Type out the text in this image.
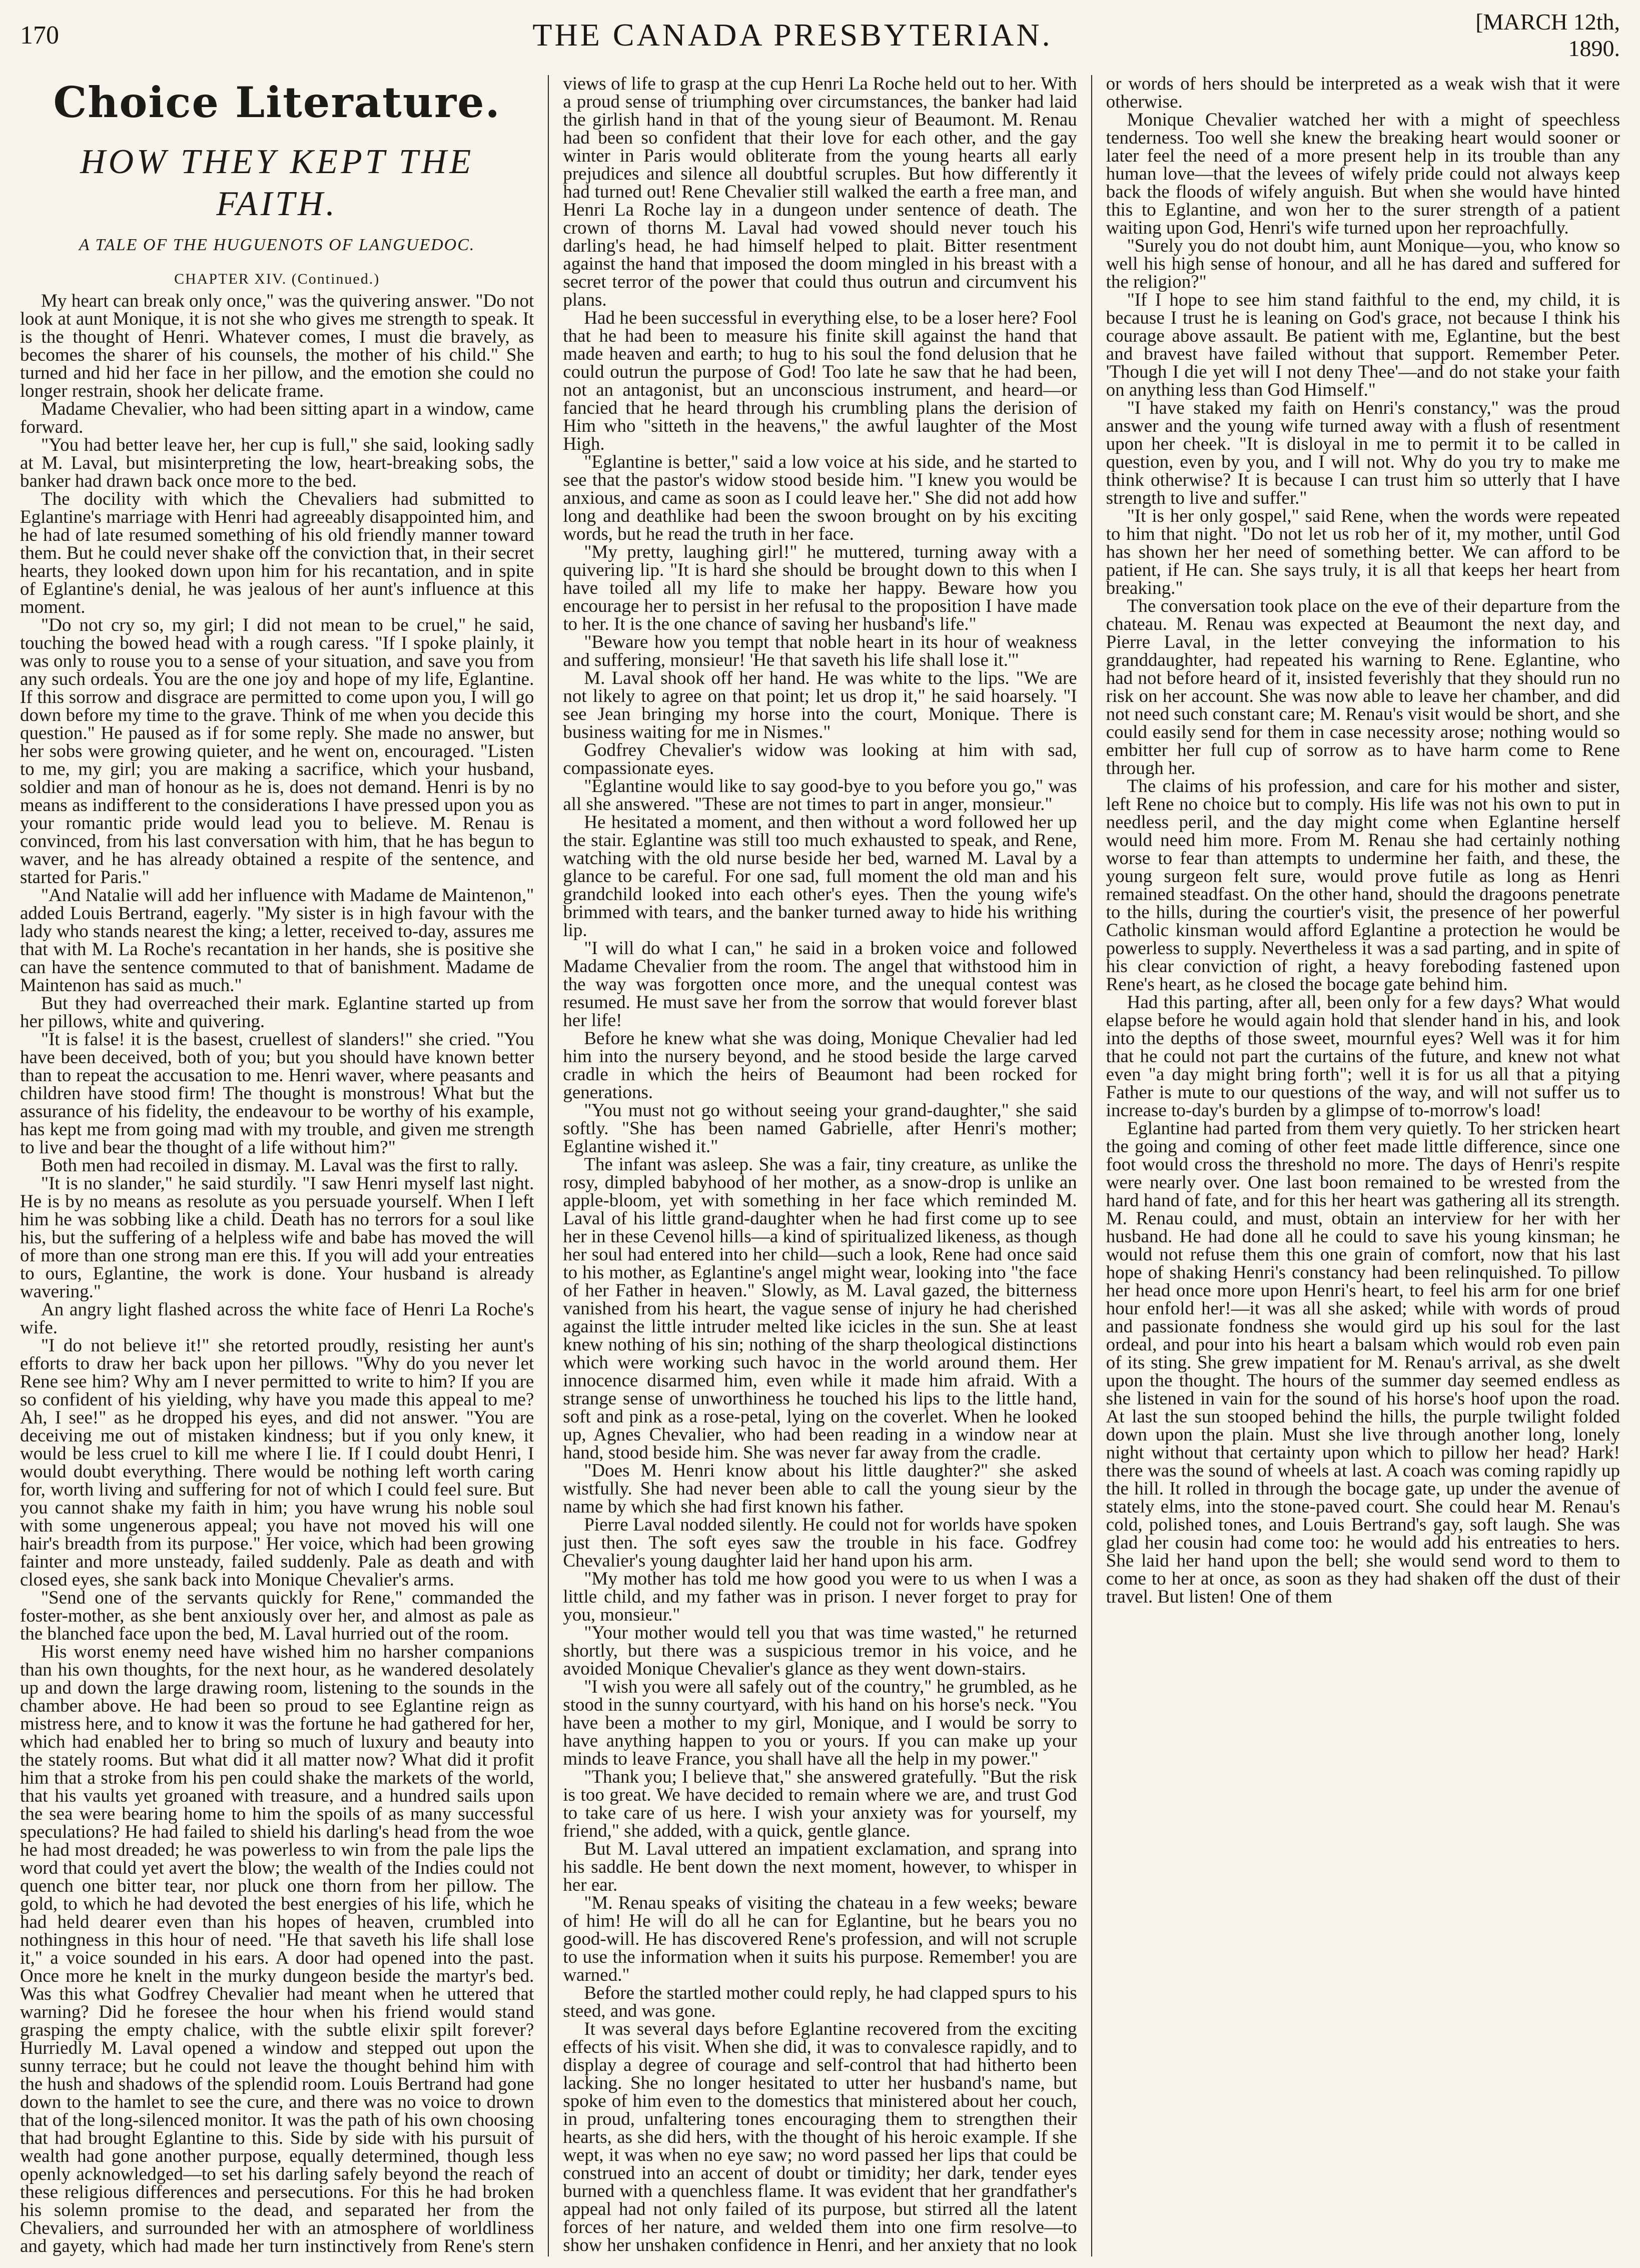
170	THE CANADA PRESBYTERIAN.	[MARCH 12th, 1890.
Choice Literature.
HOW THEY KEPT THE FAITH.
A TALE OF THE HUGUENOTS OF LANGUEDOC.
CHAPTER XIV. (Continued.)

My heart can break only once," was the quivering answer. "Do not look at aunt Monique, it is not she who gives me strength to speak. It is the thought of Henri. Whatever comes, I must die bravely, as becomes the sharer of his counsels, the mother of his child." She turned and hid her face in her pillow, and the emotion she could no longer restrain, shook her delicate frame.

Madame Chevalier, who had been sitting apart in a window, came forward.

"You had better leave her, her cup is full," she said, looking sadly at M. Laval, but misinterpreting the low, heart-breaking sobs, the banker had drawn back once more to the bed.

The docility with which the Chevaliers had submitted to Eglantine's marriage with Henri had agreeably disappointed him, and he had of late resumed something of his old friendly manner toward them. But he could never shake off the conviction that, in their secret hearts, they looked down upon him for his recantation, and in spite of Eglantine's denial, he was jealous of her aunt's influence at this moment.

"Do not cry so, my girl; I did not mean to be cruel," he said, touching the bowed head with a rough caress. "If I spoke plainly, it was only to rouse you to a sense of your situation, and save you from any such ordeals. You are the one joy and hope of my life, Eglantine. If this sorrow and disgrace are permitted to come upon you, I will go down before my time to the grave. Think of me when you decide this question." He paused as if for some reply. She made no answer, but her sobs were growing quieter, and he went on, encouraged. "Listen to me, my girl; you are making a sacrifice, which your husband, soldier and man of honour as he is, does not demand. Henri is by no means as indifferent to the considerations I have pressed upon you as your romantic pride would lead you to believe. M. Renau is convinced, from his last conversation with him, that he has begun to waver, and he has already obtained a respite of the sentence, and started for Paris."

"And Natalie will add her influence with Madame de Maintenon," added Louis Bertrand, eagerly. "My sister is in high favour with the lady who stands nearest the king; a letter, received to-day, assures me that with M. La Roche's recantation in her hands, she is positive she can have the sentence commuted to that of banishment. Madame de Maintenon has said as much."

But they had overreached their mark. Eglantine started up from her pillows, white and quivering.

"It is false! it is the basest, cruellest of slanders!" she cried. "You have been deceived, both of you; but you should have known better than to repeat the accusation to me. Henri waver, where peasants and children have stood firm! The thought is monstrous! What but the assurance of his fidelity, the endeavour to be worthy of his example, has kept me from going mad with my trouble, and given me strength to live and bear the thought of a life without him?"

Both men had recoiled in dismay. M. Laval was the first to rally.

"It is no slander," he said sturdily. "I saw Henri myself last night. He is by no means as resolute as you persuade yourself. When I left him he was sobbing like a child. Death has no terrors for a soul like his, but the suffering of a helpless wife and babe has moved the will of more than one strong man ere this. If you will add your entreaties to ours, Eglantine, the work is done. Your husband is already wavering."

An angry light flashed across the white face of Henri La Roche's wife.

"I do not believe it!" she retorted proudly, resisting her aunt's efforts to draw her back upon her pillows. "Why do you never let Rene see him? Why am I never permitted to write to him? If you are so confident of his yielding, why have you made this appeal to me? Ah, I see!" as he dropped his eyes, and did not answer. "You are deceiving me out of mistaken kindness; but if you only knew, it would be less cruel to kill me where I lie. If I could doubt Henri, I would doubt everything. There would be nothing left worth caring for, worth living and suffering for not of which I could feel sure. But you cannot shake my faith in him; you have wrung his noble soul with some ungenerous appeal; you have not moved his will one hair's breadth from its purpose." Her voice, which had been growing fainter and more unsteady, failed suddenly. Pale as death and with closed eyes, she sank back into Monique Chevalier's arms.

"Send one of the servants quickly for Rene," commanded the foster-mother, as she bent anxiously over her, and almost as pale as the blanched face upon the bed, M. Laval hurried out of the room.

His worst enemy need have wished him no harsher companions than his own thoughts, for the next hour, as he wandered desolately up and down the large drawing room, listening to the sounds in the chamber above. He had been so proud to see Eglantine reign as mistress here, and to know it was the fortune he had gathered for her, which had enabled her to bring so much of luxury and beauty into the stately rooms. But what did it all matter now? What did it profit him that a stroke from his pen could shake the markets of the world, that his vaults yet groaned with treasure, and a hundred sails upon the sea were bearing home to him the spoils of as many successful speculations? He had failed to shield his darling's head from the woe he had most dreaded; he was powerless to win from the pale lips the word that could yet avert the blow; the wealth of the Indies could not quench one bitter tear, nor pluck one thorn from her pillow. The gold, to which he had devoted the best energies of his life, which he had held dearer even than his hopes of heaven, crumbled into nothingness in this hour of need. "He that saveth his life shall lose it," a voice sounded in his ears. A door had opened into the past. Once more he knelt in the murky dungeon beside the martyr's bed. Was this what Godfrey Chevalier had meant when he uttered that warning? Did he foresee the hour when his friend would stand grasping the empty chalice, with the subtle elixir spilt forever? Hurriedly M. Laval opened a window and stepped out upon the sunny terrace; but he could not leave the thought behind him with the hush and shadows of the splendid room. Louis Bertrand had gone down to the hamlet to see the cure, and there was no voice to drown that of the long-silenced monitor. It was the path of his own choosing that had brought Eglantine to this. Side by side with his pursuit of wealth had gone another purpose, equally determined, though less openly acknowledged—to set his darling safely beyond the reach of these religious differences and persecutions. For this he had broken his solemn promise to the dead, and separated her from the Chevaliers, and surrounded her with an atmosphere of worldliness and gayety, which had made her turn instinctively from Rene's stern views of life to grasp at the cup Henri La Roche held out to her. With a proud sense of triumphing over circumstances, the banker had laid the girlish hand in that of the young sieur of Beaumont. M. Renau had been so confident that their love for each other, and the gay winter in Paris would obliterate from the young hearts all early prejudices and silence all doubtful scruples. But how differently it had turned out! Rene Chevalier still walked the earth a free man, and Henri La Roche lay in a dungeon under sentence of death. The crown of thorns M. Laval had vowed should never touch his darling's head, he had himself helped to plait. Bitter resentment against the hand that imposed the doom mingled in his breast with a secret terror of the power that could thus outrun and circumvent his plans.

Had he been successful in everything else, to be a loser here? Fool that he had been to measure his finite skill against the hand that made heaven and earth; to hug to his soul the fond delusion that he could outrun the purpose of God! Too late he saw that he had been, not an antagonist, but an unconscious instrument, and heard—or fancied that he heard through his crumbling plans the derision of Him who "sitteth in the heavens," the awful laughter of the Most High.

"Eglantine is better," said a low voice at his side, and he started to see that the pastor's widow stood beside him. "I knew you would be anxious, and came as soon as I could leave her." She did not add how long and deathlike had been the swoon brought on by his exciting words, but he read the truth in her face.

"My pretty, laughing girl!" he muttered, turning away with a quivering lip. "It is hard she should be brought down to this when I have toiled all my life to make her happy. Beware how you encourage her to persist in her refusal to the proposition I have made to her. It is the one chance of saving her husband's life."

"Beware how you tempt that noble heart in its hour of weakness and suffering, monsieur! 'He that saveth his life shall lose it.'"

M. Laval shook off her hand. He was white to the lips. "We are not likely to agree on that point; let us drop it," he said hoarsely. "I see Jean bringing my horse into the court, Monique. There is business waiting for me in Nismes."

Godfrey Chevalier's widow was looking at him with sad, compassionate eyes.

"Eglantine would like to say good-bye to you before you go," was all she answered. "These are not times to part in anger, monsieur."

He hesitated a moment, and then without a word followed her up the stair. Eglantine was still too much exhausted to speak, and Rene, watching with the old nurse beside her bed, warned M. Laval by a glance to be careful. For one sad, full moment the old man and his grandchild looked into each other's eyes. Then the young wife's brimmed with tears, and the banker turned away to hide his writhing lip.

"I will do what I can," he said in a broken voice and followed Madame Chevalier from the room. The angel that withstood him in the way was forgotten once more, and the unequal contest was resumed. He must save her from the sorrow that would forever blast her life!

Before he knew what she was doing, Monique Chevalier had led him into the nursery beyond, and he stood beside the large carved cradle in which the heirs of Beaumont had been rocked for generations.

"You must not go without seeing your grand-daughter," she said softly. "She has been named Gabrielle, after Henri's mother; Eglantine wished it."

The infant was asleep. She was a fair, tiny creature, as unlike the rosy, dimpled babyhood of her mother, as a snow-drop is unlike an apple-bloom, yet with something in her face which reminded M. Laval of his little grand-daughter when he had first come up to see her in these Cevenol hills—a kind of spiritualized likeness, as though her soul had entered into her child—such a look, Rene had once said to his mother, as Eglantine's angel might wear, looking into "the face of her Father in heaven." Slowly, as M. Laval gazed, the bitterness vanished from his heart, the vague sense of injury he had cherished against the little intruder melted like icicles in the sun. She at least knew nothing of his sin; nothing of the sharp theological distinctions which were working such havoc in the world around them. Her innocence disarmed him, even while it made him afraid. With a strange sense of unworthiness he touched his lips to the little hand, soft and pink as a rose-petal, lying on the coverlet. When he looked up, Agnes Chevalier, who had been reading in a window near at hand, stood beside him. She was never far away from the cradle.

"Does M. Henri know about his little daughter?" she asked wistfully. She had never been able to call the young sieur by the name by which she had first known his father.

Pierre Laval nodded silently. He could not for worlds have spoken just then. The soft eyes saw the trouble in his face. Godfrey Chevalier's young daughter laid her hand upon his arm.

"My mother has told me how good you were to us when I was a little child, and my father was in prison. I never forget to pray for you, monsieur."

"Your mother would tell you that was time wasted," he returned shortly, but there was a suspicious tremor in his voice, and he avoided Monique Chevalier's glance as they went down-stairs.

"I wish you were all safely out of the country," he grumbled, as he stood in the sunny courtyard, with his hand on his horse's neck. "You have been a mother to my girl, Monique, and I would be sorry to have anything happen to you or yours. If you can make up your minds to leave France, you shall have all the help in my power."

"Thank you; I believe that," she answered gratefully. "But the risk is too great. We have decided to remain where we are, and trust God to take care of us here. I wish your anxiety was for yourself, my friend," she added, with a quick, gentle glance.

But M. Laval uttered an impatient exclamation, and sprang into his saddle. He bent down the next moment, however, to whisper in her ear.

"M. Renau speaks of visiting the chateau in a few weeks; beware of him! He will do all he can for Eglantine, but he bears you no good-will. He has discovered Rene's profession, and will not scruple to use the information when it suits his purpose. Remember! you are warned."

Before the startled mother could reply, he had clapped spurs to his steed, and was gone.

It was several days before Eglantine recovered from the exciting effects of his visit. When she did, it was to convalesce rapidly, and to display a degree of courage and self-control that had hitherto been lacking. She no longer hesitated to utter her husband's name, but spoke of him even to the domestics that ministered about her couch, in proud, unfaltering tones encouraging them to strengthen their hearts, as she did hers, with the thought of his heroic example. If she wept, it was when no eye saw; no word passed her lips that could be construed into an accent of doubt or timidity; her dark, tender eyes burned with a quenchless flame. It was evident that her grandfather's appeal had not only failed of its purpose, but stirred all the latent forces of her nature, and welded them into one firm resolve—to show her unshaken confidence in Henri, and her anxiety that no look or words of hers should be interpreted as a weak wish that it were otherwise.

Monique Chevalier watched her with a might of speechless tenderness. Too well she knew the breaking heart would sooner or later feel the need of a more present help in its trouble than any human love—that the levees of wifely pride could not always keep back the floods of wifely anguish. But when she would have hinted this to Eglantine, and won her to the surer strength of a patient waiting upon God, Henri's wife turned upon her reproachfully.

"Surely you do not doubt him, aunt Monique—you, who know so well his high sense of honour, and all he has dared and suffered for the religion?"

"If I hope to see him stand faithful to the end, my child, it is because I trust he is leaning on God's grace, not because I think his courage above assault. Be patient with me, Eglantine, but the best and bravest have failed without that support. Remember Peter. 'Though I die yet will I not deny Thee'—and do not stake your faith on anything less than God Himself."

"I have staked my faith on Henri's constancy," was the proud answer and the young wife turned away with a flush of resentment upon her cheek. "It is disloyal in me to permit it to be called in question, even by you, and I will not. Why do you try to make me think otherwise? It is because I can trust him so utterly that I have strength to live and suffer."

"It is her only gospel," said Rene, when the words were repeated to him that night. "Do not let us rob her of it, my mother, until God has shown her her need of something better. We can afford to be patient, if He can. She says truly, it is all that keeps her heart from breaking."

The conversation took place on the eve of their departure from the chateau. M. Renau was expected at Beaumont the next day, and Pierre Laval, in the letter conveying the information to his granddaughter, had repeated his warning to Rene. Eglantine, who had not before heard of it, insisted feverishly that they should run no risk on her account. She was now able to leave her chamber, and did not need such constant care; M. Renau's visit would be short, and she could easily send for them in case necessity arose; nothing would so embitter her full cup of sorrow as to have harm come to Rene through her.

The claims of his profession, and care for his mother and sister, left Rene no choice but to comply. His life was not his own to put in needless peril, and the day might come when Eglantine herself would need him more. From M. Renau she had certainly nothing worse to fear than attempts to undermine her faith, and these, the young surgeon felt sure, would prove futile as long as Henri remained steadfast. On the other hand, should the dragoons penetrate to the hills, during the courtier's visit, the presence of her powerful Catholic kinsman would afford Eglantine a protection he would be powerless to supply. Nevertheless it was a sad parting, and in spite of his clear conviction of right, a heavy foreboding fastened upon Rene's heart, as he closed the bocage gate behind him.

Had this parting, after all, been only for a few days? What would elapse before he would again hold that slender hand in his, and look into the depths of those sweet, mournful eyes? Well was it for him that he could not part the curtains of the future, and knew not what even "a day might bring forth"; well it is for us all that a pitying Father is mute to our questions of the way, and will not suffer us to increase to-day's burden by a glimpse of to-morrow's load!

Eglantine had parted from them very quietly. To her stricken heart the going and coming of other feet made little difference, since one foot would cross the threshold no more. The days of Henri's respite were nearly over. One last boon remained to be wrested from the hard hand of fate, and for this her heart was gathering all its strength. M. Renau could, and must, obtain an interview for her with her husband. He had done all he could to save his young kinsman; he would not refuse them this one grain of comfort, now that his last hope of shaking Henri's constancy had been relinquished. To pillow her head once more upon Henri's heart, to feel his arm for one brief hour enfold her!—it was all she asked; while with words of proud and passionate fondness she would gird up his soul for the last ordeal, and pour into his heart a balsam which would rob even pain of its sting. She grew impatient for M. Renau's arrival, as she dwelt upon the thought. The hours of the summer day seemed endless as she listened in vain for the sound of his horse's hoof upon the road. At last the sun stooped behind the hills, the purple twilight folded down upon the plain. Must she live through another long, lonely night without that certainty upon which to pillow her head? Hark! there was the sound of wheels at last. A coach was coming rapidly up the hill. It rolled in through the bocage gate, up under the avenue of stately elms, into the stone-paved court. She could hear M. Renau's cold, polished tones, and Louis Bertrand's gay, soft laugh. She was glad her cousin had come too: he would add his entreaties to hers. She laid her hand upon the bell; she would send word to them to come to her at once, as soon as they had shaken off the dust of their travel. But listen! One of them
